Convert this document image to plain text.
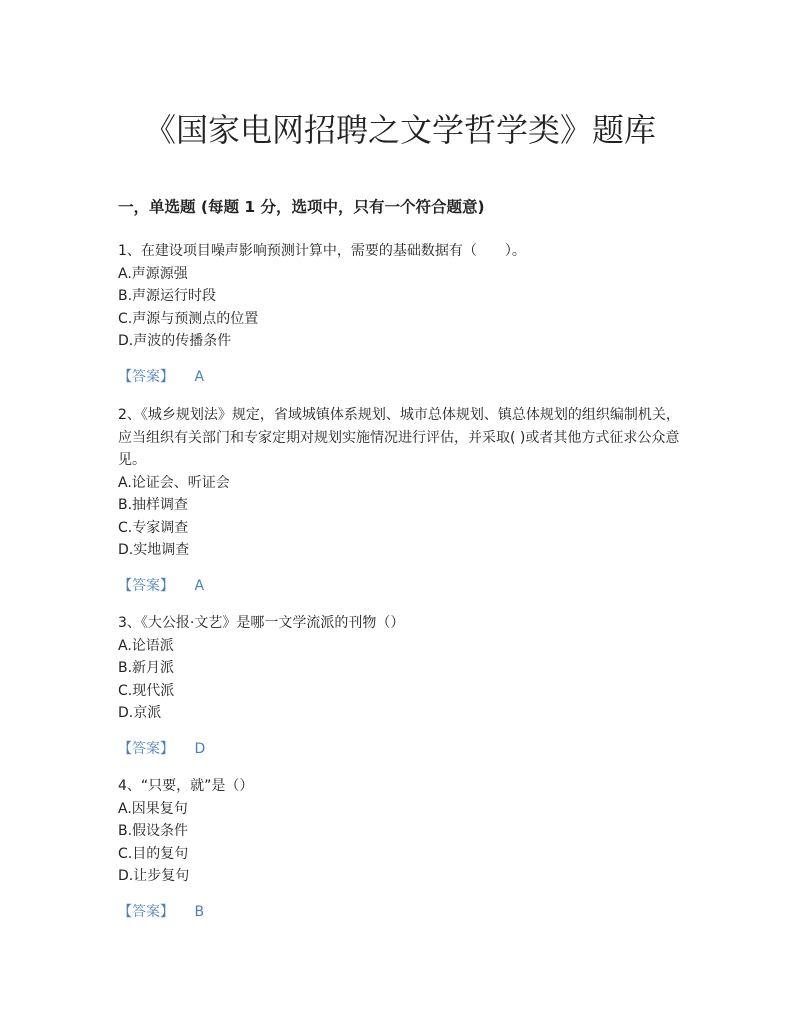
《国家电网招聘之文学哲学类》题库
一，单选题 (每题 1 分，选项中，只有一个符合题意)

1、在建设项目噪声影响预测计算中，需要的基础数据有（　　）。

A.声源源强

B.声源运行时段

C.声源与预测点的位置

D.声波的传播条件

【答案】 A

2、《城乡规划法》规定，省域城镇体系规划、城市总体规划、镇总体规划的组织编制机关，应当组织有关部门和专家定期对规划实施情况进行评估，并采取( )或者其他方式征求公众意见。

A.论证会、听证会

B.抽样调查

C.专家调查

D.实地调查

【答案】 A

3、《大公报·文艺》是哪一文学流派的刊物（）

A.论语派

B.新月派

C.现代派

D.京派

【答案】 D

4、“只要，就”是（）

A.因果复句

B.假设条件

C.目的复句

D.让步复句

【答案】 B
